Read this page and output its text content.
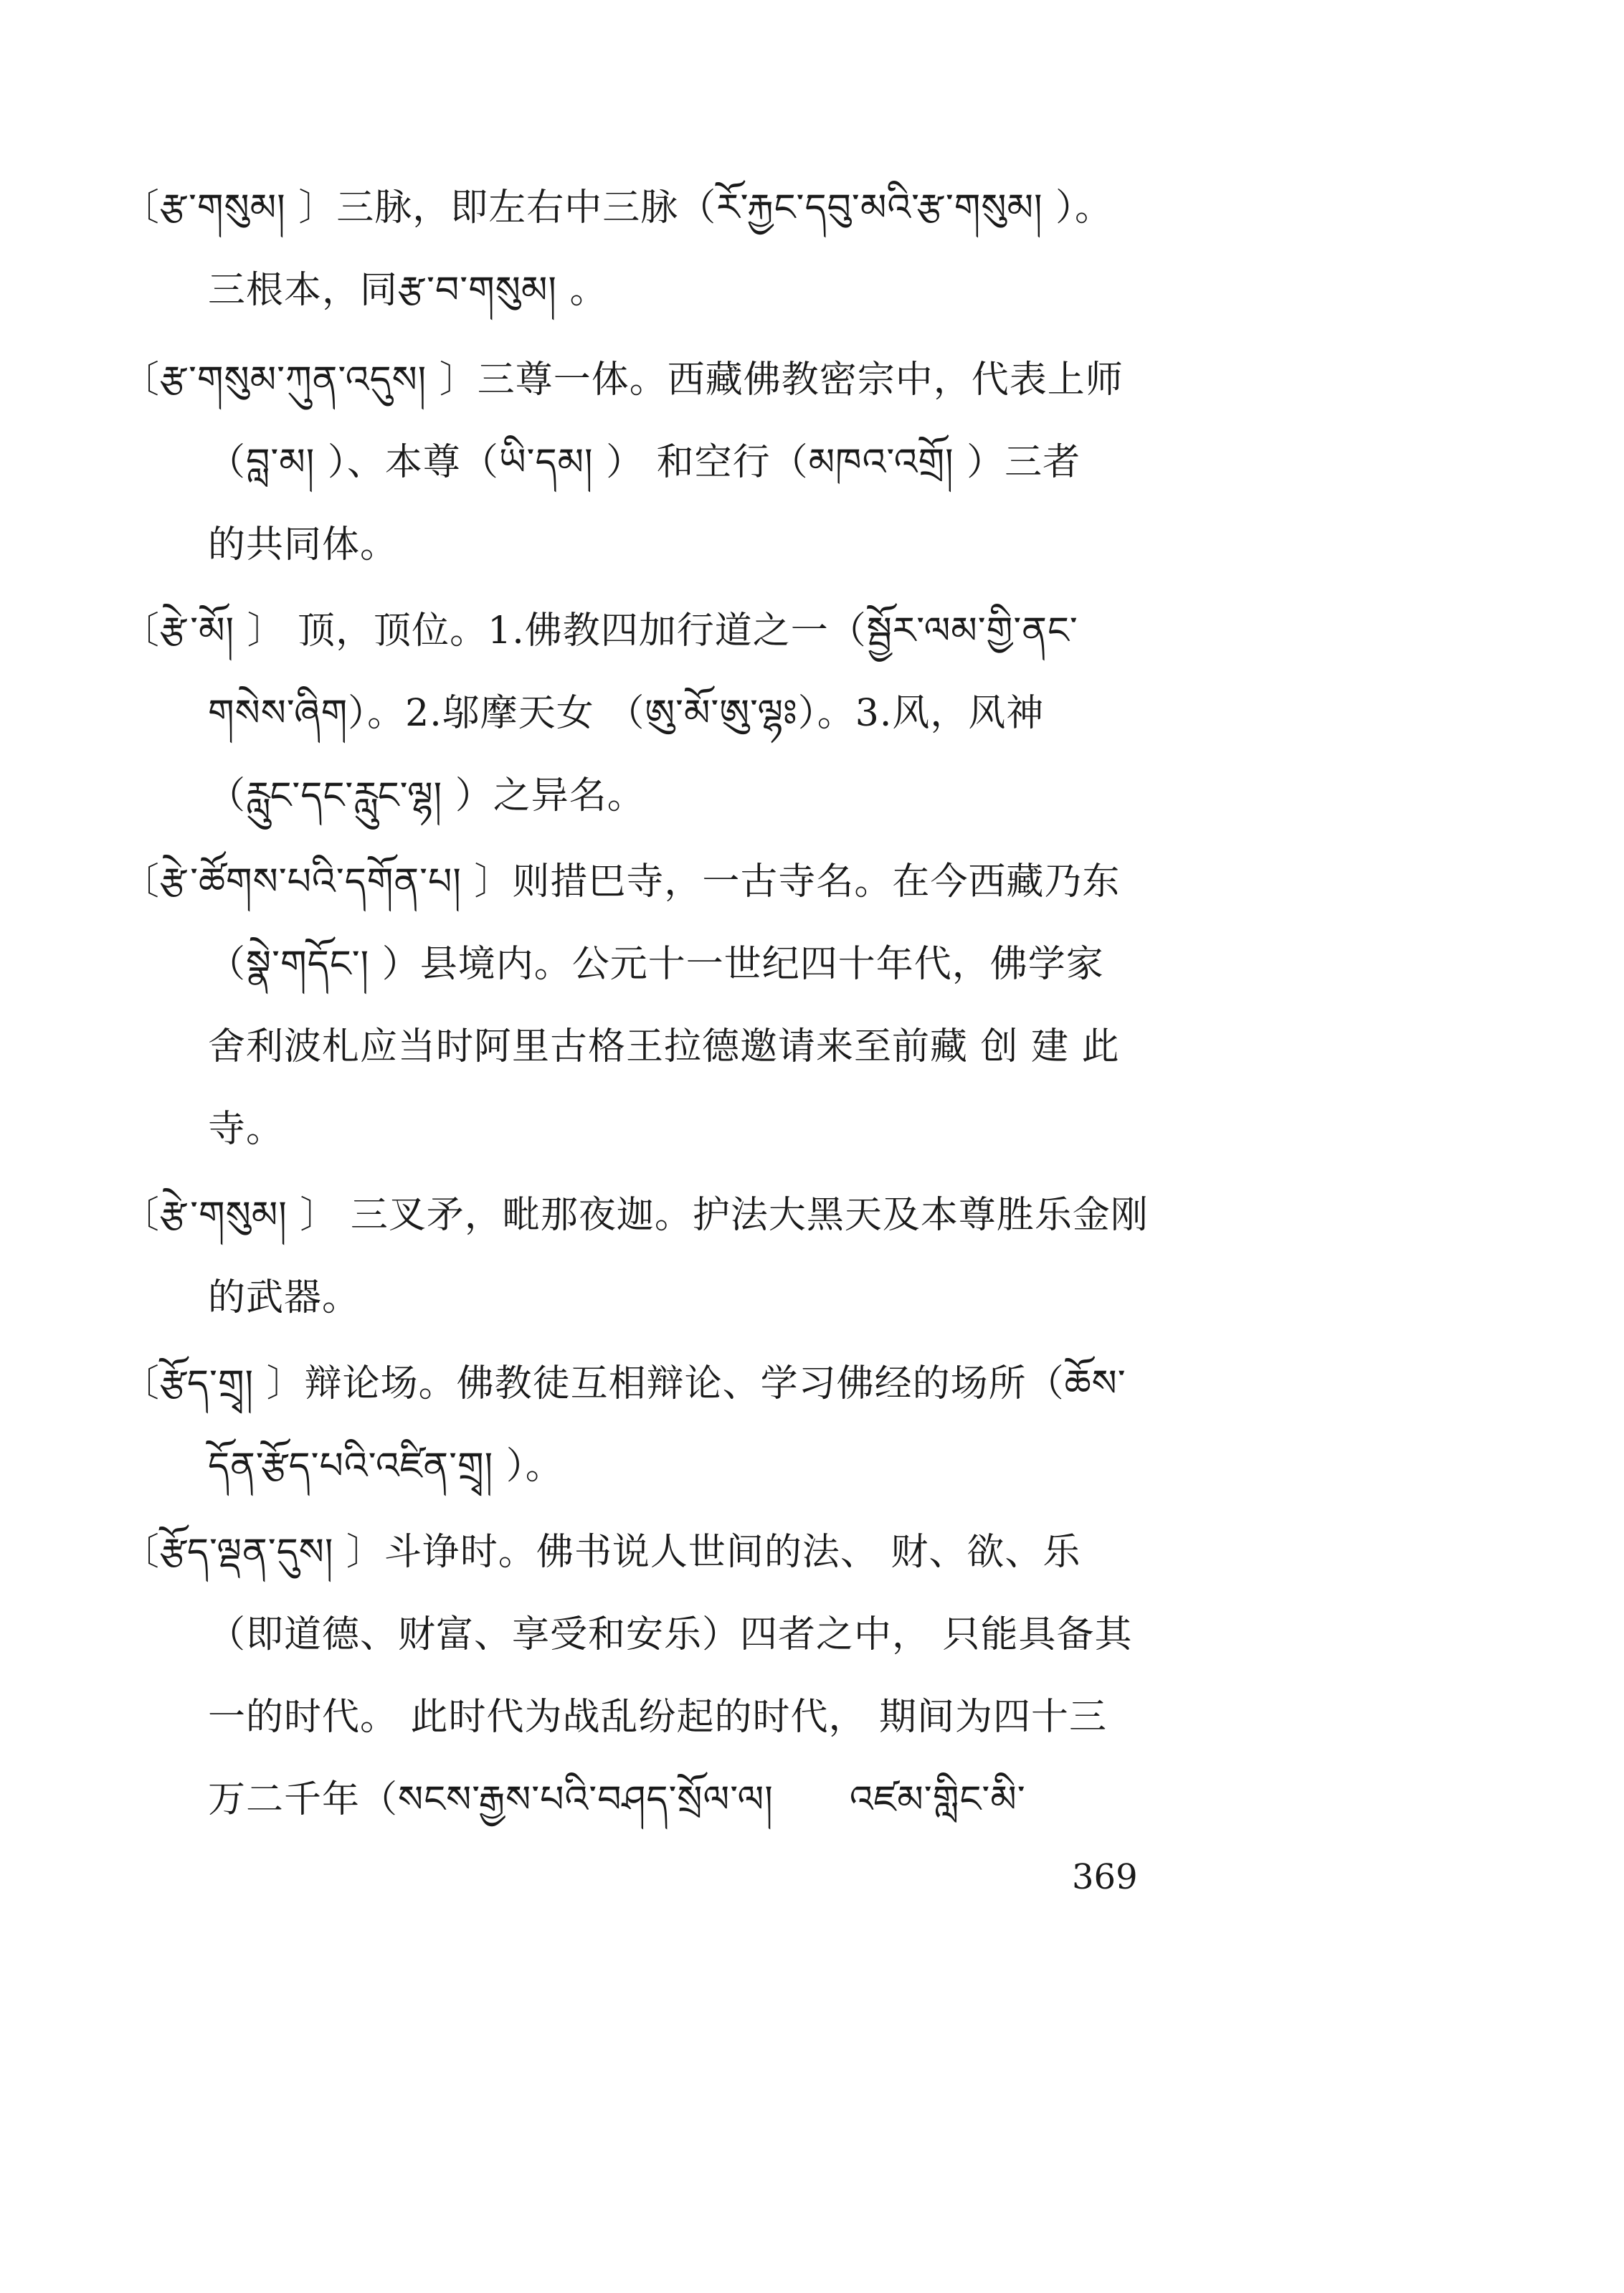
〔རྩ་གསུམ། 〕三脉，即左右中三脉（རོ་རྐྱང་དབུ་མའི་རྩ་གསུམ། ）。
三根本，同རྩ་བ་གསུམ། 。
〔རྩ་གསུམ་ཀུན་འདུས། 〕三尊一体。西藏佛教密宗中，代表上师
（བླ་མ། ）、本尊（ཡི་དམ། ） 和空行（མཁའ་འགྲོ། ）三者
的共同体。
〔རྩེ་མོ། 〕 顶，顶位。1.佛教四加行道之一（སྦྱོར་ལམ་གྱི་ནང་
གསེས་ཞིག）。2.邬摩天女 （ཨུ་མོ་ཨུ་ལྷཿ）。3.风，风神
（རླུང་དང་རླུང་ལྷ། ）之异名。
〔རྩེ་ཚོགས་པའི་དགོན་པ། 〕则措巴寺，一古寺名。在今西藏乃东
（སྣེ་གདོང་། ）县境内。公元十一世纪四十年代，佛学家
舍利波札应当时阿里古格王拉德邀请来至前藏 创 建 此
寺。
〔རྩེ་གསུམ། 〕 三叉矛，毗那夜迦。护法大黑天及本尊胜乐金刚
的武器。
〔རྩོད་གྲྭ། 〕辩论场。佛教徒互相辩论、学习佛经的场所（ཆོས་
དོན་རྩོད་པའི་འཛིན་གྲྭ། ）。
〔རྩོད་ལྡན་དུས། 〕斗诤时。佛书说人世间的法、 财、欲、乐
（即道德、财富、享受和安乐）四者之中， 只能具备其
一的时代。 此时代为战乱纷起的时代， 期间为四十三
万二千年（སངས་རྒྱས་པའི་བཤད་སྲོལ་ལ།　　འཛམ་གླིང་མི་
369
